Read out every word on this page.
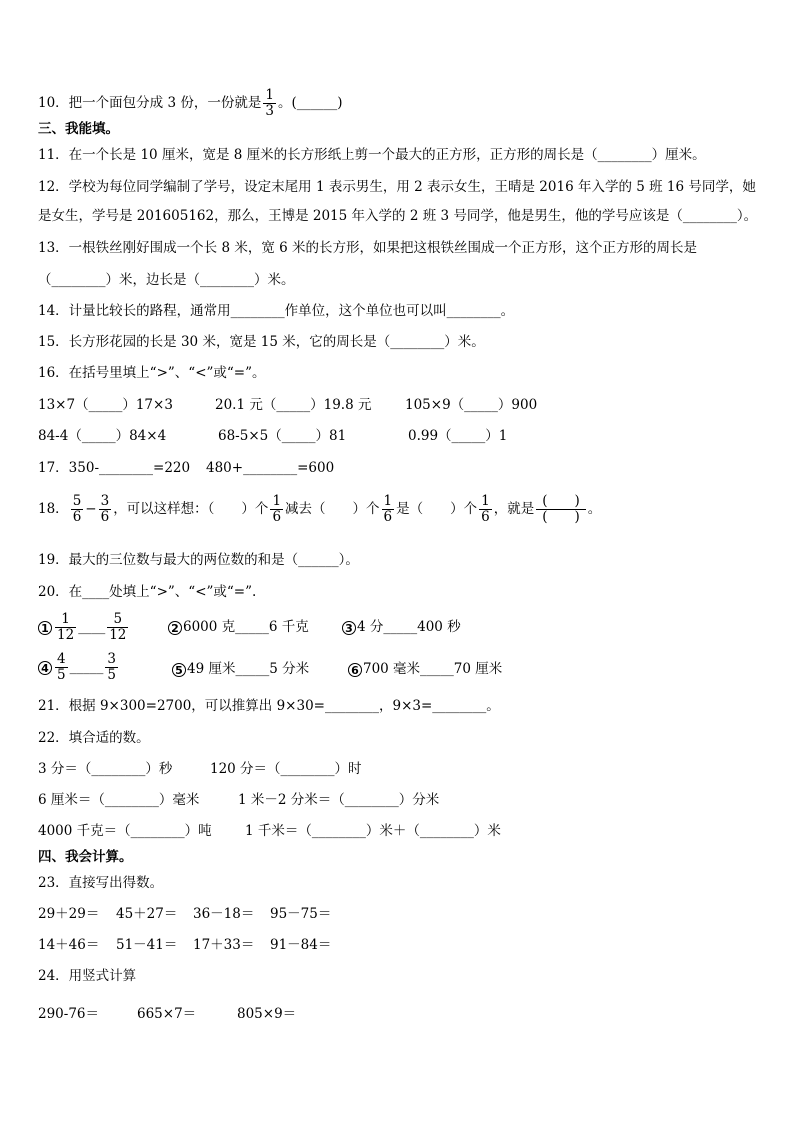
10．把一个面包分成 3 份，一份就是 $\frac{1}{3}$ 。(______)
三、我能填。
11．在一个长是 10 厘米，宽是 8 厘米的长方形纸上剪一个最大的正方形，正方形的周长是（________）厘米。
12．学校为每位同学编制了学号，设定末尾用 1 表示男生，用 2 表示女生，王晴是 2016 年入学的 5 班 16 号同学，她
是女生，学号是 201605162，那么，王博是 2015 年入学的 2 班 3 号同学，他是男生，他的学号应该是（________）。
13．一根铁丝刚好围成一个长 8 米，宽 6 米的长方形，如果把这根铁丝围成一个正方形，这个正方形的周长是
（________）米，边长是（________）米。
14．计量比较长的路程，通常用________作单位，这个单位也可以叫________。
15．长方形花园的长是 30 米，宽是 15 米，它的周长是（________）米。
16．在括号里填上“>”、“<”或“=”。
13×7（_____）17×3	20.1 元（_____）19.8 元 105×9（_____）900
84-4（_____）84×4	68-5×5（_____）81	0.99（_____）1
17．350-________=220 480+________=600
18． $\frac{5}{6} - \frac{3}{6}$ ，可以这样想：（　　）个 $\frac{1}{6}$ 减去（　　）个 $\frac{1}{6}$ 是（　　）个 $\frac{1}{6}$ ，就是 $\frac{( )}{( )}$ 。
19．最大的三位数与最大的两位数的和是（______）。
20．在____处填上“>”、“<”或“=”.
$1 \frac{1}{12}$ ____ $\frac{5}{12}$	2 6000 克_____6 千克	3 4 分_____400 秒
$4 \frac{4}{5}$ _____ $\frac{3}{5}$	5 49 厘米_____5 分米	6 700 毫米_____70 厘米
21．根据 9×300=2700，可以推算出 9×30=________，9×3=________。
22．填合适的数。
3 分＝（________）秒	120 分＝（________）时
6 厘米＝（________）毫米	1 米－2 分米＝（________）分米
4000 千克＝（________）吨 1 千米＝（________）米＋（________）米
四、我会计算。
23．直接写出得数。
29＋29＝ 45＋27＝ 36－18＝ 95－75＝
14＋46＝ 51－41＝ 17＋33＝ 91－84＝
24．用竖式计算
290-76＝	665×7＝	805×9＝
